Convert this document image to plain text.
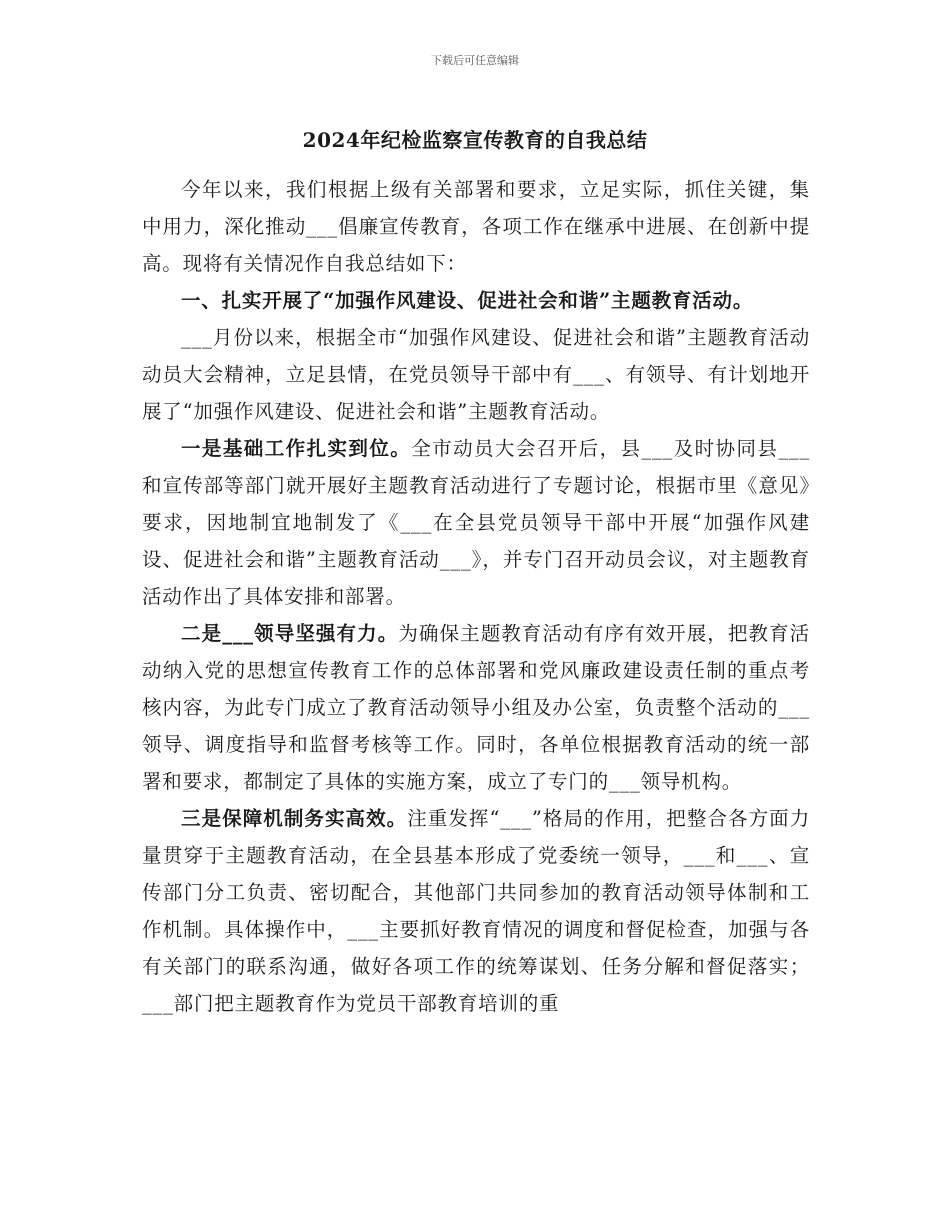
下载后可任意编辑
2024年纪检监察宣传教育的自我总结

今年以来，我们根据上级有关部署和要求，立足实际，抓住关键，集中用力，深化推动___倡廉宣传教育，各项工作在继承中进展、在创新中提高。现将有关情况作自我总结如下：

一、扎实开展了“加强作风建设、促进社会和谐”主题教育活动。

___月份以来，根据全市“加强作风建设、促进社会和谐”主题教育活动动员大会精神，立足县情，在党员领导干部中有___、有领导、有计划地开展了“加强作风建设、促进社会和谐”主题教育活动。

一是基础工作扎实到位。全市动员大会召开后，县___及时协同县___和宣传部等部门就开展好主题教育活动进行了专题讨论，根据市里《意见》要求，因地制宜地制发了《___在全县党员领导干部中开展“加强作风建设、促进社会和谐”主题教育活动___》，并专门召开动员会议，对主题教育活动作出了具体安排和部署。

二是___领导坚强有力。为确保主题教育活动有序有效开展，把教育活动纳入党的思想宣传教育工作的总体部署和党风廉政建设责任制的重点考核内容，为此专门成立了教育活动领导小组及办公室，负责整个活动的___领导、调度指导和监督考核等工作。同时，各单位根据教育活动的统一部署和要求，都制定了具体的实施方案，成立了专门的___领导机构。

三是保障机制务实高效。注重发挥“___”格局的作用，把整合各方面力量贯穿于主题教育活动，在全县基本形成了党委统一领导，___和___、宣传部门分工负责、密切配合，其他部门共同参加的教育活动领导体制和工作机制。具体操作中，___主要抓好教育情况的调度和督促检查，加强与各有关部门的联系沟通，做好各项工作的统筹谋划、任务分解和督促落实；___部门把主题教育作为党员干部教育培训的重
